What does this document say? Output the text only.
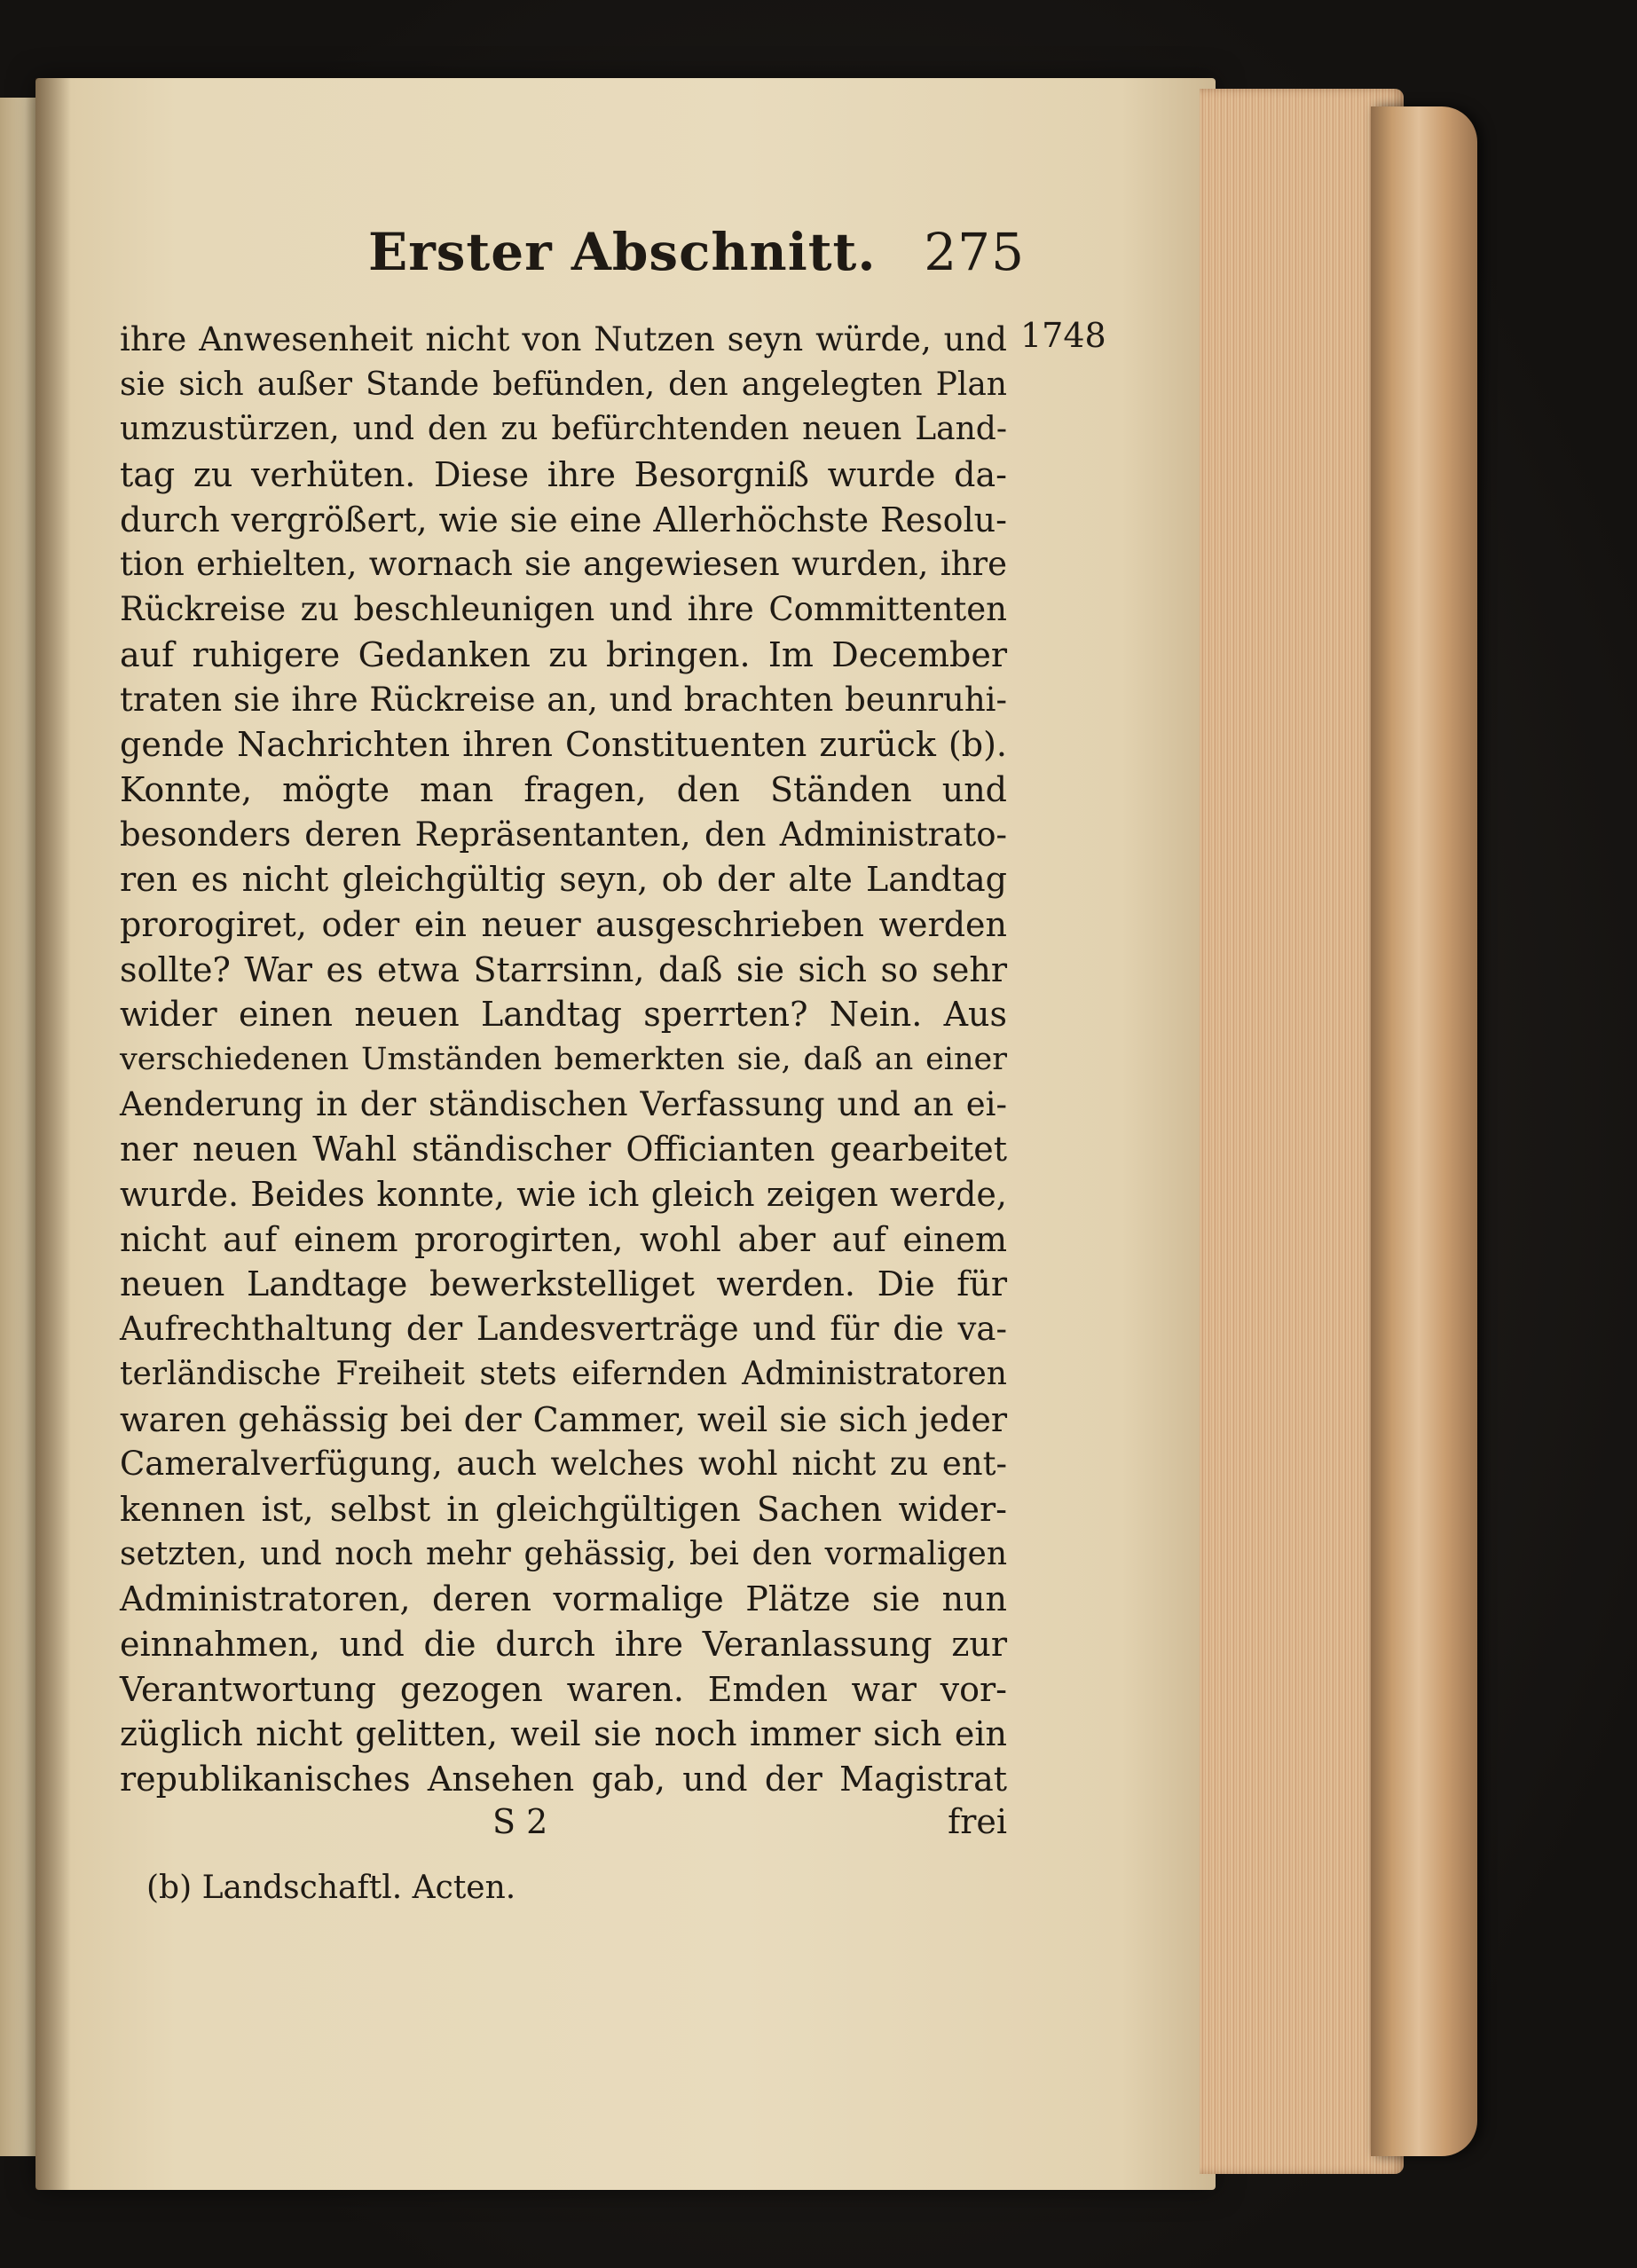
Erster Abschnitt. 275
ihre Anwesenheit nicht von Nutzen seyn würde, und
sie sich außer Stande befünden, den angelegten Plan
umzustürzen, und den zu befürchtenden neuen Land-
tag zu verhüten. Diese ihre Besorgniß wurde da-
durch vergrößert, wie sie eine Allerhöchste Resolu-
tion erhielten, wornach sie angewiesen wurden, ihre
Rückreise zu beschleunigen und ihre Committenten
auf ruhigere Gedanken zu bringen. Im December
traten sie ihre Rückreise an, und brachten beunruhi-
gende Nachrichten ihren Constituenten zurück (b).
Konnte, mögte man fragen, den Ständen und
besonders deren Repräsentanten, den Administrato-
ren es nicht gleichgültig seyn, ob der alte Landtag
prorogiret, oder ein neuer ausgeschrieben werden
sollte? War es etwa Starrsinn, daß sie sich so sehr
wider einen neuen Landtag sperrten? Nein. Aus
verschiedenen Umständen bemerkten sie, daß an einer
Aenderung in der ständischen Verfassung und an ei-
ner neuen Wahl ständischer Officianten gearbeitet
wurde. Beides konnte, wie ich gleich zeigen werde,
nicht auf einem prorogirten, wohl aber auf einem
neuen Landtage bewerkstelliget werden. Die für
Aufrechthaltung der Landesverträge und für die va-
terländische Freiheit stets eifernden Administratoren
waren gehässig bei der Cammer, weil sie sich jeder
Cameralverfügung, auch welches wohl nicht zu ent-
kennen ist, selbst in gleichgültigen Sachen wider-
setzten, und noch mehr gehässig, bei den vormaligen
Administratoren, deren vormalige Plätze sie nun
einnahmen, und die durch ihre Veranlassung zur
Verantwortung gezogen waren. Emden war vor-
züglich nicht gelitten, weil sie noch immer sich ein
republikanisches Ansehen gab, und der Magistrat
S 2	frei
(b) Landschaftl. Acten.
1748
